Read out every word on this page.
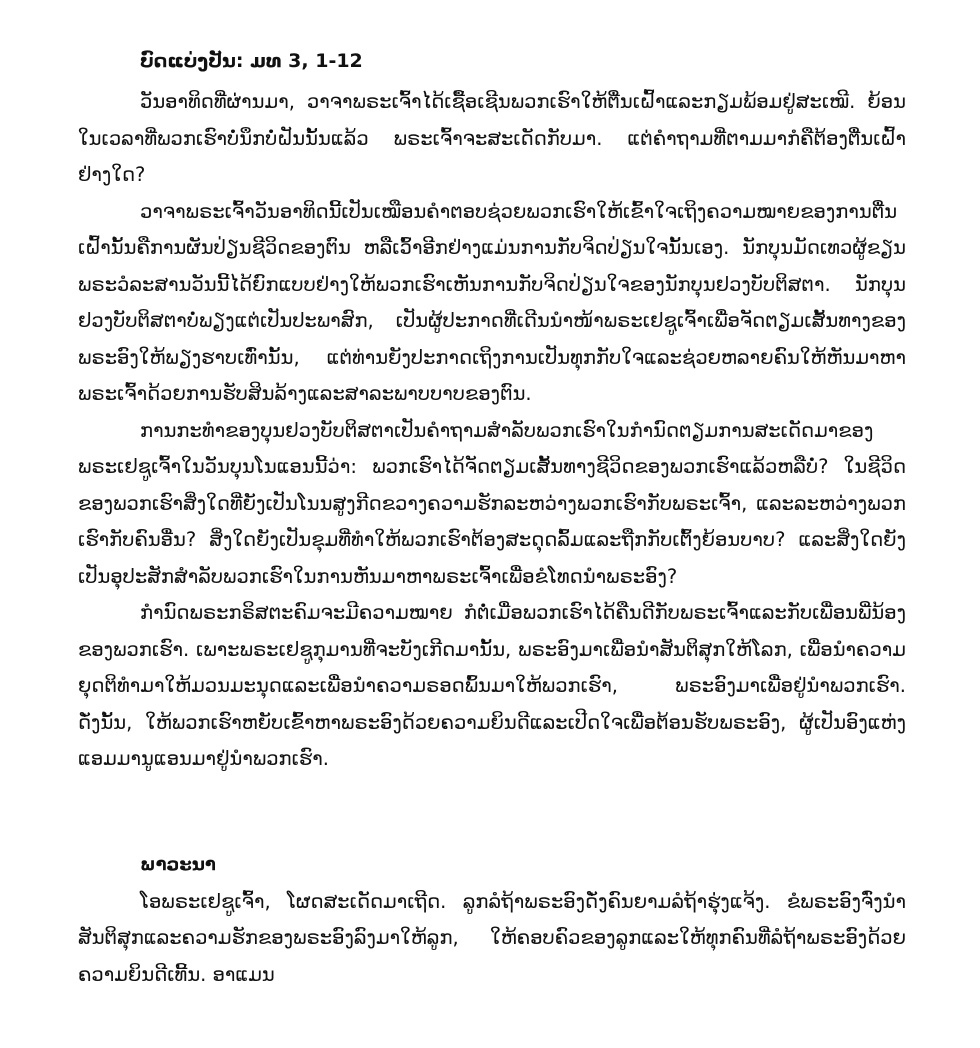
ບົດແບ່ງປັນ: ມທ 3, 1-12

ວັນອາທິດທີ່ຜ່ານມາ, ວາຈາພຣະເຈົ້າໄດ້ເຊື້ອເຊີນພວກເຮົາໃຫ້ຕື່ນເຝົ້າແລະກຽມພ້ອມຢູ່ສະເໝີ. ຍ້ອນໃນເວລາທີ່ພວກເຮົາບໍ່ນຶກບໍ່ຝັນນັ້ນແລ້ວ ພຣະເຈົ້າຈະສະເດັດກັບມາ. ແຕ່ຄຳຖາມທີ່ຕາມມາກໍຄືຕ້ອງຕື່ນເຝົ້າຢ່າງໃດ?

ວາຈາພຣະເຈົ້າວັນອາທິດນີ້ເປັນເໝືອນຄຳຕອບຊ່ວຍພວກເຮົາໃຫ້ເຂົ້າໃຈເຖິງຄວາມໝາຍຂອງການຕື່ນເຝົ້ານັ້ນຄືການຜັນປ່ຽນຊີວິດຂອງຕົນ ຫລືເວົ້າອີກຢ່າງແມ່ນການກັບຈິດປ່ຽນໃຈນັ້ນເອງ. ນັກບຸນມັດເທວຜູ້ຂຽນພຣະວໍລະສານວັນນີ້ໄດ້ຍົກແບບຢ່າງໃຫ້ພວກເຮົາເຫັນການກັບຈິດປ່ຽນໃຈຂອງນັກບຸນຢວງບັບຕິສຕາ. ນັກບຸນຢວງບັບຕິສຕາບໍ່ພຽງແຕ່ເປັນປະພາສົກ, ເປັນຜູ້ປະກາດທີ່ເດີນນຳໜ້າພຣະເຢຊູເຈົ້າເພື່ອຈັດຕຽມເສັ້ນທາງຂອງພຣະອົງໃຫ້ພຽງຮາບເທົ່ານັ້ນ, ແຕ່ທ່ານຍັງປະກາດເຖິງການເປັນທຸກກັບໃຈແລະຊ່ວຍຫລາຍຄົນໃຫ້ຫັນມາຫາພຣະເຈົ້າດ້ວຍການຮັບສິນລ້າງແລະສາລະພາບບາບຂອງຕົນ.

ການກະທຳຂອງບຸນຢວງບັບຕິສຕາເປັນຄຳຖາມສຳລັບພວກເຮົາໃນກຳນົດຕຽມການສະເດັດມາຂອງພຣະເຢຊູເຈົ້າໃນວັນບຸນໂນແອນນີ້ວ່າ: ພວກເຮົາໄດ້ຈັດຕຽມເສັ້ນທາງຊີວິດຂອງພວກເຮົາແລ້ວຫລືບໍ່? ໃນຊີວິດຂອງພວກເຮົາສິ່ງໃດທີ່ຍັງເປັນໂນນສູງກີດຂວາງຄວາມຮັກລະຫວ່າງພວກເຮົາກັບພຣະເຈົ້າ, ແລະລະຫວ່າງພວກເຮົາກັບຄົນອື່ນ? ສິ່ງໃດຍັງເປັນຂຸມທີ່ທຳໃຫ້ພວກເຮົາຕ້ອງສະດຸດລົ້ມແລະຖືກກັບເຕົ້ງຍ້ອນບາບ? ແລະສິ່ງໃດຍັງເປັນອຸປະສັກສຳລັບພວກເຮົາໃນການຫັນມາຫາພຣະເຈົ້າເພື່ອຂໍໂທດນຳພຣະອົງ?

ກຳນົດພຣະກຣິສຕະຄົມຈະມີຄວາມໝາຍ ກໍຕໍ່ເມື່ອພວກເຮົາໄດ້ຄືນດີກັບພຣະເຈົ້າແລະກັບເພື່ອນພີ່ນ້ອງຂອງພວກເຮົາ. ເພາະພຣະເຢຊູກຸມານທີ່ຈະບັງເກີດມານັ້ນ, ພຣະອົງມາເພື່ອນຳສັນຕິສຸກໃຫ້ໂລກ, ເພື່ອນຳຄວາມຍຸດຕິທຳມາໃຫ້ມວນມະນຸດແລະເພື່ອນຳຄວາມຣອດພົ້ນມາໃຫ້ພວກເຮົາ, ພຣະອົງມາເພື່ອຢູ່ນຳພວກເຮົາ. ດັ່ງນັ້ນ, ໃຫ້ພວກເຮົາຫຍັບເຂົ້າຫາພຣະອົງດ້ວຍຄວາມຍິນດີແລະເປີດໃຈເພື່ອຕ້ອນຮັບພຣະອົງ, ຜູ້ເປັນອົງແຫ່ງແອມມານູແອນມາຢູ່ນຳພວກເຮົາ.

ພາວະນາ

ໂອພຣະເຢຊູເຈົ້າ, ໂຜດສະເດັດມາເຖີດ. ລູກລໍຖ້າພຣະອົງດັ່ງຄົນຍາມລໍຖ້າຮຸ່ງແຈ້ງ. ຂໍພຣະອົງຈົ່ງນຳສັນຕິສຸກແລະຄວາມຮັກຂອງພຣະອົງລົງມາໃຫ້ລູກ, ໃຫ້ຄອບຄົວຂອງລູກແລະໃຫ້ທຸກຄົນທີ່ລໍຖ້າພຣະອົງດ້ວຍຄວາມຍິນດີເທີ້ນ. ອາແມນ
